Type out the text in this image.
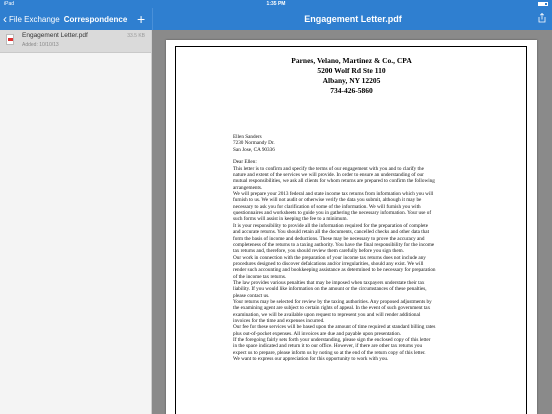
iPad	1:35 PM
‹ File Exchange Correspondence +	Engagement Letter.pdf
Engagement Letter.pdf
Added: 10/10/13
33.5 KB
Parnes, Velano, Martinez & Co., CPA
5200 Wolf Rd Ste 110
Albany, NY 12205
734-426-5860
Ellen Sanders
7230 Normandy Dr.
San Jose, CA 90336
Dear Ellen:
This letter is to confirm and specify the terms of our engagement with you and to clarify the
nature and extent of the services we will provide. In order to ensure an understanding of our
mutual responsibilities, we ask all clients for whom returns are prepared to confirm the following
arrangements.
We will prepare your 2013 federal and state income tax returns from information which you will
furnish to us. We will not audit or otherwise verify the data you submit, although it may be
necessary to ask you for clarification of some of the information. We will furnish you with
questionnaires and worksheets to guide you in gathering the necessary information. Your use of
such forms will assist in keeping the fee to a minimum.
It is your responsibility to provide all the information required for the preparation of complete
and accurate returns. You should retain all the documents, cancelled checks and other data that
form the basis of income and deductions. These may be necessary to prove the accuracy and
completeness of the returns to a taxing authority. You have the final responsibility for the income
tax returns and, therefore, you should review them carefully before you sign them.
Our work in connection with the preparation of your income tax returns does not include any
procedures designed to discover defalcations and/or irregularities, should any exist. We will
render such accounting and bookkeeping assistance as determined to be necessary for preparation
of the income tax returns.
The law provides various penalties that may be imposed when taxpayers understate their tax
liability. If you would like information on the amount or the circumstances of these penalties,
please contact us.
Your returns may be selected for review by the taxing authorities. Any proposed adjustments by
the examining agent are subject to certain rights of appeal. In the event of such government tax
examination, we will be available upon request to represent you and will render additional
invoices for the time and expenses incurred.
Our fee for these services will be based upon the amount of time required at standard billing rates
plus out-of-pocket expenses. All invoices are due and payable upon presentation.
If the foregoing fairly sets forth your understanding, please sign the enclosed copy of this letter
in the space indicated and return it to our office. However, if there are other tax returns you
expect us to prepare, please inform us by noting so at the end of the return copy of this letter.
We want to express our appreciation for this opportunity to work with you.
